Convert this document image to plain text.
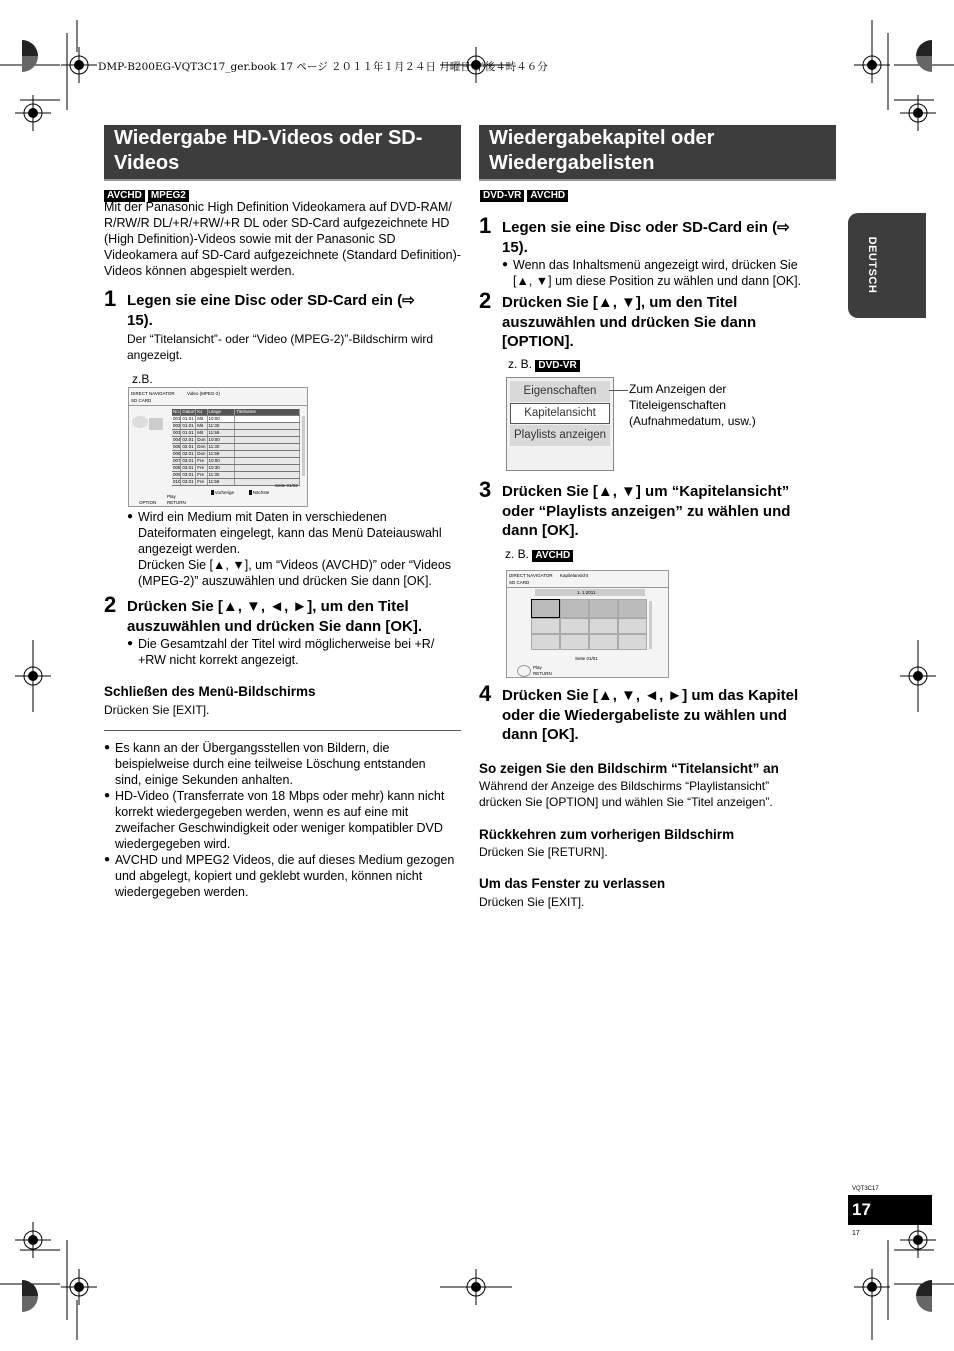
DMP-B200EG-VQT3C17_ger.book 17 ページ ２０１１年１月２４日 月曜日 午後４時４６分
DEUTSCH
Wiedergabe HD-Videos oder SD-Videos
AVCHD MPEG2
Mit der Panasonic High Definition Videokamera auf DVD-RAM/ R/RW/R DL/+R/+RW/+R DL oder SD-Card aufgezeichnete HD (High Definition)-Videos sowie mit der Panasonic SD Videokamera auf SD-Card aufgezeichnete (Standard Definition)-Videos können abgespielt werden.
1 Legen sie eine Disc oder SD-Card ein (⇨ 15).
Der “Titelansicht”- oder “Video (MPEG-2)”-Bildschirm wird angezeigt.
z.B.
DIRECT NAVIGATOR	Video (MPEG-2)
SD CARD
No. Datum Kz	Länge	Titelname
001 01.01 Mit	10:00
002 01.01 Mit	11:30
003 01.01 Mit	11:59
004 02.01 Don 10:00
005 02.01 Don 11:30
006 02.01 Don 11:59
007 03.01 Fre 10:00
008 03.01 Fre 10:30
009 03.01 Fre 11:30
010 03.01 Fre 11:59
Seite 01/02
Vorherige	Nächste
Play
OPTION RETURN
● Wird ein Medium mit Daten in verschiedenen
Dateiformaten eingelegt, kann das Menü Dateiauswahl
angezeigt werden.
Drücken Sie [▲, ▼], um “Videos (AVCHD)” oder “Videos
(MPEG-2)” auszuwählen und drücken Sie dann [OK].
2 Drücken Sie [▲, ▼, ◄, ►], um den Titel auszuwählen und drücken Sie dann [OK].
● Die Gesamtzahl der Titel wird möglicherweise bei +R/
+RW nicht korrekt angezeigt.
Schließen des Menü-Bildschirms
Drücken Sie [EXIT].
● Es kann an der Übergangsstellen von Bildern, die
beispielweise durch eine teilweise Löschung entstanden
sind, einige Sekunden anhalten.
● HD-Video (Transferrate von 18 Mbps oder mehr) kann nicht
korrekt wiedergegeben werden, wenn es auf eine mit
zweifacher Geschwindigkeit oder weniger kompatibler DVD
wiedergegeben wird.
● AVCHD und MPEG2 Videos, die auf dieses Medium gezogen
und abgelegt, kopiert und geklebt wurden, können nicht
wiedergegeben werden.
Wiedergabekapitel oder Wiedergabelisten
DVD-VR AVCHD
1 Legen sie eine Disc oder SD-Card ein (⇨ 15).
● Wenn das Inhaltsmenü angezeigt wird, drücken Sie
[▲, ▼] um diese Position zu wählen und dann [OK].
2 Drücken Sie [▲, ▼], um den Titel auszuwählen und drücken Sie dann [OPTION].
z. B. DVD-VR
Eigenschaften
Kapitelansicht
Playlists anzeigen
Zum Anzeigen der
Titeleigenschaften
(Aufnahmedatum, usw.)
3 Drücken Sie [▲, ▼] um “Kapitelansicht” oder “Playlists anzeigen” zu wählen und dann [OK].
z. B. AVCHD
DIRECT NAVIGATOR Kapitelansicht
SD CARD
1. 1.2011
Seite 01/01
Play
RETURN
4 Drücken Sie [▲, ▼, ◄, ►] um das Kapitel oder die Wiedergabeliste zu wählen und dann [OK].
So zeigen Sie den Bildschirm “Titelansicht” an
Während der Anzeige des Bildschirms “Playlistansicht”
drücken Sie [OPTION] und wählen Sie “Titel anzeigen”.
Rückkehren zum vorherigen Bildschirm
Drücken Sie [RETURN].
Um das Fenster zu verlassen
Drücken Sie [EXIT].
VQT3C17
17
17
